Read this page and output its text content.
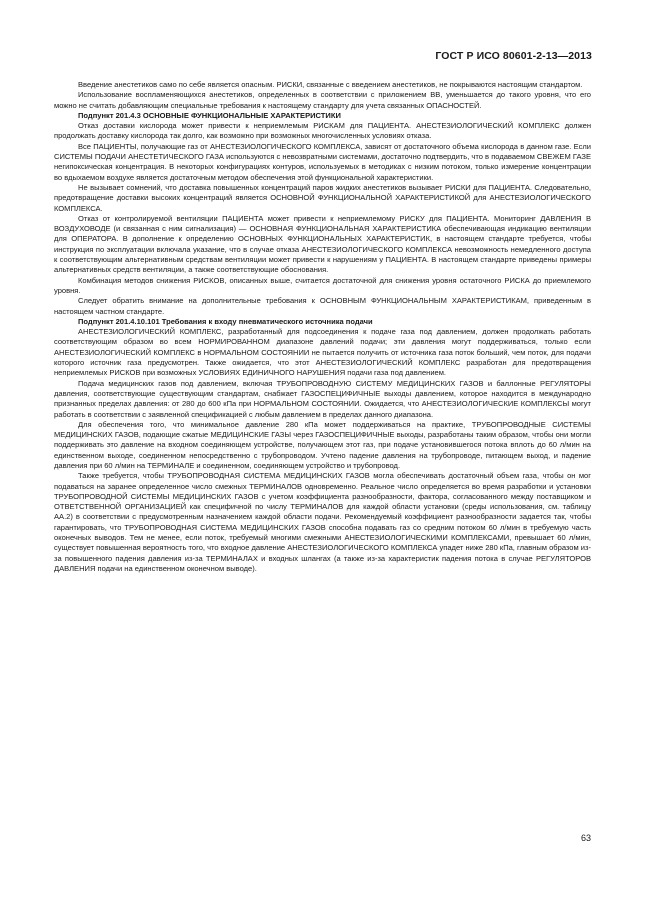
ГОСТ Р ИСО 80601-2-13—2013

Введение анестетиков само по себе является опасным. РИСКИ, связанные с введением анестетиков, не покрываются настоящим стандартом.

Использование воспламеняющихся анестетиков, определенных в соответствии с приложением ВВ, уменьшается до такого уровня, что его можно не считать добавляющим специальные требования к настоящему стандарту для учета связанных ОПАСНОСТЕЙ.

Подпункт 201.4.3 ОСНОВНЫЕ ФУНКЦИОНАЛЬНЫЕ ХАРАКТЕРИСТИКИ

Отказ доставки кислорода может привести к неприемлемым РИСКАМ для ПАЦИЕНТА. АНЕСТЕЗИОЛОГИЧЕСКИЙ КОМПЛЕКС должен продолжать доставку кислорода так долго, как возможно при возможных многочисленных условиях отказа.

Все ПАЦИЕНТЫ, получающие газ от АНЕСТЕЗИОЛОГИЧЕСКОГО КОМПЛЕКСА, зависят от достаточного объема кислорода в данном газе. Если СИСТЕМЫ ПОДАЧИ АНЕСТЕТИЧЕСКОГО ГАЗА используются с невозвратными системами, достаточно подтвердить, что в подаваемом СВЕЖЕМ ГАЗЕ негипоксическая концентрация. В некоторых конфигурациях контуров, используемых в методиках с низким потоком, только измерение концентрации во вдыхаемом воздухе является достаточным методом обеспечения этой функциональной характеристики.

Не вызывает сомнений, что доставка повышенных концентраций паров жидких анестетиков вызывает РИСКИ для ПАЦИЕНТА. Следовательно, предотвращение доставки высоких концентраций является ОСНОВНОЙ ФУНКЦИОНАЛЬНОЙ ХАРАКТЕРИСТИКОЙ для АНЕСТЕЗИОЛОГИЧЕСКОГО КОМПЛЕКСА.

Отказ от контролируемой вентиляции ПАЦИЕНТА может привести к неприемлемому РИСКУ для ПАЦИЕНТА. Мониторинг ДАВЛЕНИЯ В ВОЗДУХОВОДЕ (и связанная с ним сигнализация) — ОСНОВНАЯ ФУНКЦИОНАЛЬНАЯ ХАРАКТЕРИСТИКА обеспечивающая индикацию вентиляции для ОПЕРАТОРА. В дополнение к определению ОСНОВНЫХ ФУНКЦИОНАЛЬНЫХ ХАРАКТЕРИСТИК, в настоящем стандарте требуется, чтобы инструкция по эксплуатации включала указание, что в случае отказа АНЕСТЕЗИОЛОГИЧЕСКОГО КОМПЛЕКСА невозможность немедленного доступа к соответствующим альтернативным средствам вентиляции может привести к нарушениям у ПАЦИЕНТА. В настоящем стандарте приведены примеры альтернативных средств вентиляции, а также соответствующие обоснования.

Комбинация методов снижения РИСКОВ, описанных выше, считается достаточной для снижения уровня остаточного РИСКА до приемлемого уровня.

Следует обратить внимание на дополнительные требования к ОСНОВНЫМ ФУНКЦИОНАЛЬНЫМ ХАРАКТЕРИСТИКАМ, приведенным в настоящем частном стандарте.

Подпункт 201.4.10.101 Требования к входу пневматического источника подачи

АНЕСТЕЗИОЛОГИЧЕСКИЙ КОМПЛЕКС, разработанный для подсоединения к подаче газа под давлением, должен продолжать работать соответствующим образом во всем НОРМИРОВАННОМ диапазоне давлений подачи; эти давления могут поддерживаться, только если АНЕСТЕЗИОЛОГИЧЕСКИЙ КОМПЛЕКС в НОРМАЛЬНОМ СОСТОЯНИИ не пытается получить от источника газа поток больший, чем поток, для подачи которого источник газа предусмотрен. Также ожидается, что этот АНЕСТЕЗИОЛОГИЧЕСКИЙ КОМПЛЕКС разработан для предотвращения неприемлемых РИСКОВ при возможных УСЛОВИЯХ ЕДИНИЧНОГО НАРУШЕНИЯ подачи газа под давлением.

Подача медицинских газов под давлением, включая ТРУБОПРОВОДНУЮ СИСТЕМУ МЕДИЦИНСКИХ ГАЗОВ и баллонные РЕГУЛЯТОРЫ давления, соответствующие существующим стандартам, снабжает ГАЗОСПЕЦИФИЧНЫЕ выходы давлением, которое находится в международно признанных пределах давления: от 280 до 600 кПа при НОРМАЛЬНОМ СОСТОЯНИИ. Ожидается, что АНЕСТЕЗИОЛОГИЧЕСКИЕ КОМПЛЕКСЫ могут работать в соответствии с заявленной спецификацией с любым давлением в пределах данного диапазона.

Для обеспечения того, что минимальное давление 280 кПа может поддерживаться на практике, ТРУБОПРОВОДНЫЕ СИСТЕМЫ МЕДИЦИНСКИХ ГАЗОВ, подающие сжатые МЕДИЦИНСКИЕ ГАЗЫ через ГАЗОСПЕЦИФИЧНЫЕ выходы, разработаны таким образом, чтобы они могли поддерживать это давление на входном соединяющем устройстве, получающем этот газ, при подаче установившегося потока вплоть до 60 л/мин на единственном выходе, соединенном непосредственно с трубопроводом. Учтено падение давления на трубопроводе, питающем выход, и падение давления при 60 л/мин на ТЕРМИНАЛЕ и соединенном, соединяющем устройство и трубопровод.

Также требуется, чтобы ТРУБОПРОВОДНАЯ СИСТЕМА МЕДИЦИНСКИХ ГАЗОВ могла обеспечивать достаточный объем газа, чтобы он мог подаваться на заранее определенное число смежных ТЕРМИНАЛОВ одновременно. Реальное число определяется во время разработки и установки ТРУБОПРОВОДНОЙ СИСТЕМЫ МЕДИЦИНСКИХ ГАЗОВ с учетом коэффициента разнообразности, фактора, согласованного между поставщиком и ОТВЕТСТВЕННОЙ ОРГАНИЗАЦИЕЙ как специфичной по числу ТЕРМИНАЛОВ для каждой области установки (среды использования, см. таблицу АА.2) в соответствии с предусмотренным назначением каждой области подачи. Рекомендуемый коэффициент разнообразности задается так, чтобы гарантировать, что ТРУБОПРОВОДНАЯ СИСТЕМА МЕДИЦИНСКИХ ГАЗОВ способна подавать газ со средним потоком 60 л/мин в требуемую часть оконечных выводов. Тем не менее, если поток, требуемый многими смежными АНЕСТЕЗИОЛОГИЧЕСКИМИ КОМПЛЕКСАМИ, превышает 60 л/мин, существует повышенная вероятность того, что входное давление АНЕСТЕЗИОЛОГИЧЕСКОГО КОМПЛЕКСА упадет ниже 280 кПа, главным образом из-за повышенного падения давления из-за ТЕРМИНАЛАХ и входных шлангах (а также из-за характеристик падения потока в случае РЕГУЛЯТОРОВ ДАВЛЕНИЯ подачи на единственном оконечном выводе).

63
